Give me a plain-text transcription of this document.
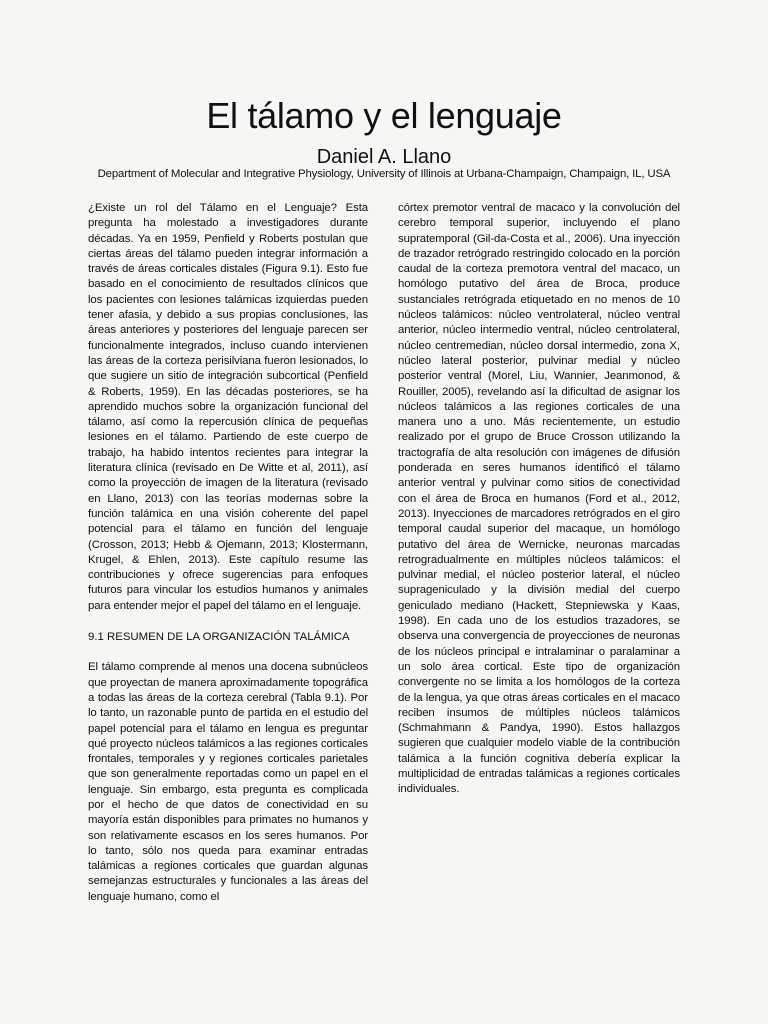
El tálamo y el lenguaje
Daniel A. Llano
Department of Molecular and Integrative Physiology, University of Illinois at Urbana-Champaign, Champaign, IL, USA

¿Existe un rol del Tálamo en el Lenguaje? Esta pregunta ha molestado a investigadores durante décadas. Ya en 1959, Penfield y Roberts postulan que ciertas áreas del tálamo pueden integrar información a través de áreas corticales distales (Figura 9.1). Esto fue basado en el conocimiento de resultados clínicos que los pacientes con lesiones talámicas izquierdas pueden tener afasia, y debido a sus propias conclusiones, las áreas anteriores y posteriores del lenguaje parecen ser funcionalmente integrados, incluso cuando intervienen las áreas de la corteza perisilviana fueron lesionados, lo que sugiere un sitio de integración subcortical (Penfield & Roberts, 1959). En las décadas posteriores, se ha aprendido muchos sobre la organización funcional del tálamo, así como la repercusión clínica de pequeñas lesiones en el tálamo. Partiendo de este cuerpo de trabajo, ha habido intentos recientes para integrar la literatura clínica (revisado en De Witte et al, 2011), así como la proyección de imagen de la literatura (revisado en Llano, 2013) con las teorías modernas sobre la función talámica en una visión coherente del papel potencial para el tálamo en función del lenguaje (Crosson, 2013; Hebb & Ojemann, 2013; Klostermann, Krugel, & Ehlen, 2013). Este capítulo resume las contribuciones y ofrece sugerencias para enfoques futuros para vincular los estudios humanos y animales para entender mejor el papel del tálamo en el lenguaje.

9.1 RESUMEN DE LA ORGANIZACIÓN TALÁMICA

El tálamo comprende al menos una docena subnúcleos que proyectan de manera aproximadamente topográfica a todas las áreas de la corteza cerebral (Tabla 9.1). Por lo tanto, un razonable punto de partida en el estudio del papel potencial para el tálamo en lengua es preguntar qué proyecto núcleos talámicos a las regiones corticales frontales, temporales y y regiones corticales parietales que son generalmente reportadas como un papel en el lenguaje. Sin embargo, esta pregunta es complicada por el hecho de que datos de conectividad en su mayoría están disponibles para primates no humanos y son relativamente escasos en los seres humanos. Por lo tanto, sólo nos queda para examinar entradas talámicas a regiones corticales que guardan algunas semejanzas estructurales y funcionales a las áreas del lenguaje humano, como el

córtex premotor ventral de macaco y la convolución del cerebro temporal superior, incluyendo el plano supratemporal (Gil-da-Costa et al., 2006). Una inyección de trazador retrógrado restringido colocado en la porción caudal de la corteza premotora ventral del macaco, un homólogo putativo del área de Broca, produce sustanciales retrógrada etiquetado en no menos de 10 núcleos talámicos: núcleo ventrolateral, núcleo ventral anterior, núcleo intermedio ventral, núcleo centrolateral, núcleo centremedian, núcleo dorsal intermedio, zona X, núcleo lateral posterior, pulvinar medial y núcleo posterior ventral (Morel, Liu, Wannier, Jeanmonod, & Rouiller, 2005), revelando así la dificultad de asignar los núcleos talámicos a las regiones corticales de una manera uno a uno. Más recientemente, un estudio realizado por el grupo de Bruce Crosson utilizando la tractografía de alta resolución con imágenes de difusión ponderada en seres humanos identificó el tálamo anterior ventral y pulvinar como sitios de conectividad con el área de Broca en humanos (Ford et al., 2012, 2013). Inyecciones de marcadores retrógrados en el giro temporal caudal superior del macaque, un homólogo putativo del área de Wernicke, neuronas marcadas retrogradualmente en múltiples núcleos talámicos: el pulvinar medial, el núcleo posterior lateral, el núcleo suprageniculado y la división medial del cuerpo geniculado mediano (Hackett, Stepniewska y Kaas, 1998). En cada uno de los estudios trazadores, se observa una convergencia de proyecciones de neuronas de los núcleos principal e intralaminar o paralaminar a un solo área cortical. Este tipo de organización convergente no se limita a los homólogos de la corteza de la lengua, ya que otras áreas corticales en el macaco reciben insumos de múltiples núcleos talámicos (Schmahmann & Pandya, 1990). Estos hallazgos sugieren que cualquier modelo viable de la contribución talámica a la función cognitiva debería explicar la multiplicidad de entradas talámicas a regiones corticales individuales.
